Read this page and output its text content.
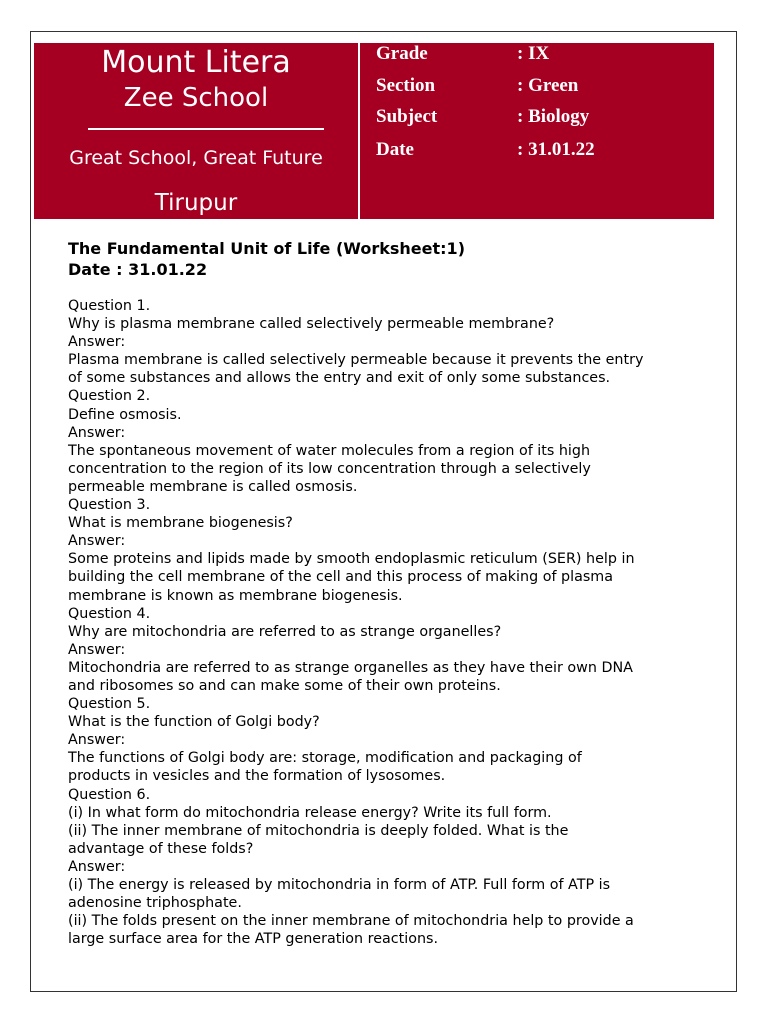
Mount Litera
Zee School
Great School, Great Future
Tirupur
Grade	: IX
Section	: Green
Subject	: Biology
Date	: 31.01.22
The Fundamental Unit of Life (Worksheet:1)
Date : 31.01.22

Question 1.

Why is plasma membrane called selectively permeable membrane?

Answer:

Plasma membrane is called selectively permeable because it prevents the entry

of some substances and allows the entry and exit of only some substances.

Question 2.

Define osmosis.

Answer:

The spontaneous movement of water molecules from a region of its high

concentration to the region of its low concentration through a selectively

permeable membrane is called osmosis.

Question 3.

What is membrane biogenesis?

Answer:

Some proteins and lipids made by smooth endoplasmic reticulum (SER) help in

building the cell membrane of the cell and this process of making of plasma

membrane is known as membrane biogenesis.

Question 4.

Why are mitochondria are referred to as strange organelles?

Answer:

Mitochondria are referred to as strange organelles as they have their own DNA

and ribosomes so and can make some of their own proteins.

Question 5.

What is the function of Golgi body?

Answer:

The functions of Golgi body are: storage, modification and packaging of

products in vesicles and the formation of lysosomes.

Question 6.

(i) In what form do mitochondria release energy? Write its full form.

(ii) The inner membrane of mitochondria is deeply folded. What is the

advantage of these folds?

Answer:

(i) The energy is released by mitochondria in form of ATP. Full form of ATP is

adenosine triphosphate.

(ii) The folds present on the inner membrane of mitochondria help to provide a

large surface area for the ATP generation reactions.
